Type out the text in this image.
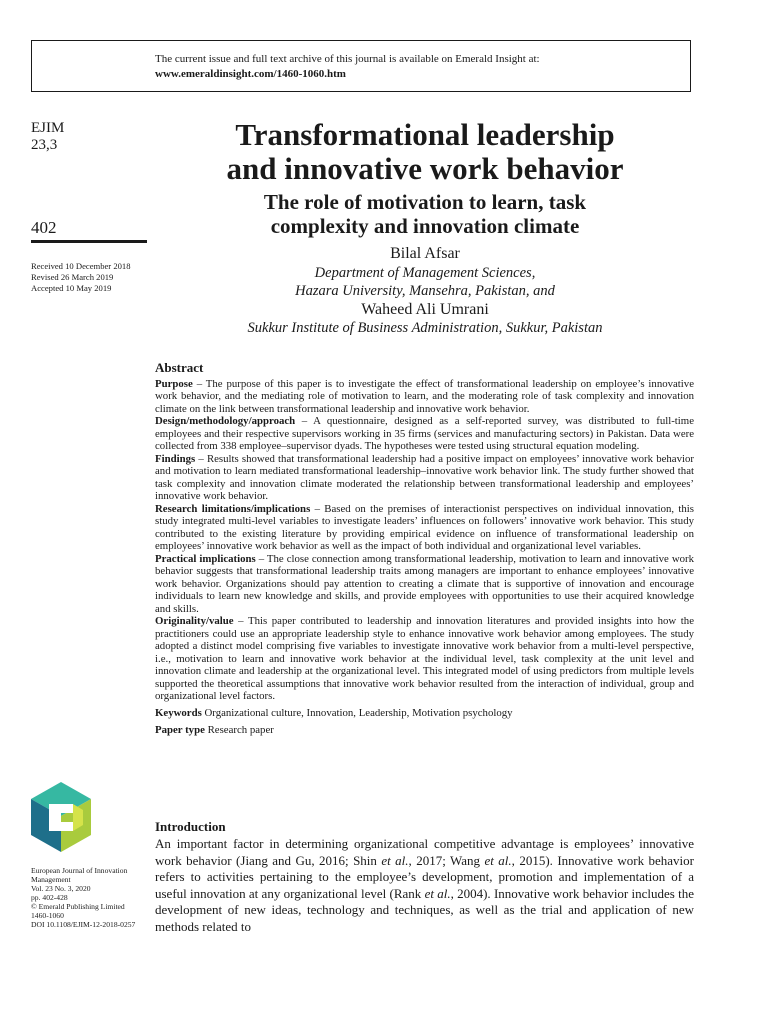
The current issue and full text archive of this journal is available on Emerald Insight at:
www.emeraldinsight.com/1460-1060.htm
EJIM
23,3
402
Received 10 December 2018
Revised 26 March 2019
Accepted 10 May 2019
European Journal of Innovation
Management
Vol. 23 No. 3, 2020
pp. 402-428
© Emerald Publishing Limited
1460-1060
DOI 10.1108/EJIM-12-2018-0257
Transformational leadership
and innovative work behavior
The role of motivation to learn, task
complexity and innovation climate
Bilal Afsar
Department of Management Sciences,
Hazara University, Mansehra, Pakistan, and
Waheed Ali Umrani
Sukkur Institute of Business Administration, Sukkur, Pakistan
Abstract

Purpose – The purpose of this paper is to investigate the effect of transformational leadership on employee’s innovative work behavior, and the mediating role of motivation to learn, and the moderating role of task complexity and innovation climate on the link between transformational leadership and innovative work behavior.

Design/methodology/approach – A questionnaire, designed as a self-reported survey, was distributed to full-time employees and their respective supervisors working in 35 firms (services and manufacturing sectors) in Pakistan. Data were collected from 338 employee–supervisor dyads. The hypotheses were tested using structural equation modeling.

Findings – Results showed that transformational leadership had a positive impact on employees’ innovative work behavior and motivation to learn mediated transformational leadership–innovative work behavior link. The study further showed that task complexity and innovation climate moderated the relationship between transformational leadership and employees’ innovative work behavior.

Research limitations/implications – Based on the premises of interactionist perspectives on individual innovation, this study integrated multi-level variables to investigate leaders’ influences on followers’ innovative work behavior. This study contributed to the existing literature by providing empirical evidence on influence of transformational leadership on employees’ innovative work behavior as well as the impact of both individual and organizational level variables.

Practical implications – The close connection among transformational leadership, motivation to learn and innovative work behavior suggests that transformational leadership traits among managers are important to enhance employees’ innovative work behavior. Organizations should pay attention to creating a climate that is supportive of innovation and encourage individuals to learn new knowledge and skills, and provide employees with opportunities to use their acquired knowledge and skills.

Originality/value – This paper contributed to leadership and innovation literatures and provided insights into how the practitioners could use an appropriate leadership style to enhance innovative work behavior among employees. The study adopted a distinct model comprising five variables to investigate innovative work behavior from a multi-level perspective, i.e., motivation to learn and innovative work behavior at the individual level, task complexity at the unit level and innovation climate and leadership at the organizational level. This integrated model of using predictors from multiple levels supported the theoretical assumptions that innovative work behavior resulted from the interaction of individual, group and organizational level factors.

Keywords Organizational culture, Innovation, Leadership, Motivation psychology

Paper type Research paper

Introduction

An important factor in determining organizational competitive advantage is employees’ innovative work behavior (Jiang and Gu, 2016; Shin et al., 2017; Wang et al., 2015). Innovative work behavior refers to activities pertaining to the employee’s development, promotion and implementation of a useful innovation at any organizational level (Rank et al., 2004). Innovative work behavior includes the development of new ideas, technology and techniques, as well as the trial and application of new methods related to
